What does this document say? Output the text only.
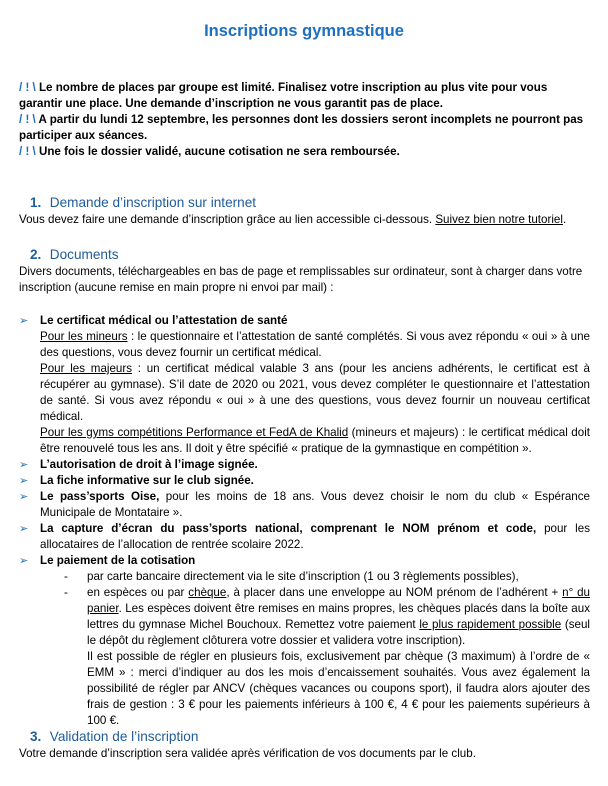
Inscriptions gymnastique
/ ! \ Le nombre de places par groupe est limité. Finalisez votre inscription au plus vite pour vous garantir une place. Une demande d’inscription ne vous garantit pas de place.
/ ! \ A partir du lundi 12 septembre, les personnes dont les dossiers seront incomplets ne pourront pas participer aux séances.
/ ! \ Une fois le dossier validé, aucune cotisation ne sera remboursée.
1. Demande d’inscription sur internet
Vous devez faire une demande d’inscription grâce au lien accessible ci-dessous. Suivez bien notre tutoriel.
2. Documents
Divers documents, téléchargeables en bas de page et remplissables sur ordinateur, sont à charger dans votre inscription (aucune remise en main propre ni envoi par mail) :
➢	Le certificat médical ou l’attestation de santé
Pour les mineurs : le questionnaire et l’attestation de santé complétés. Si vous avez répondu « oui » à une des questions, vous devez fournir un certificat médical.
Pour les majeurs : un certificat médical valable 3 ans (pour les anciens adhérents, le certificat est à récupérer au gymnase). S’il date de 2020 ou 2021, vous devez compléter le questionnaire et l’attestation de santé. Si vous avez répondu « oui » à une des questions, vous devez fournir un nouveau certificat médical.
Pour les gyms compétitions Performance et FedA de Khalid (mineurs et majeurs) : le certificat médical doit être renouvelé tous les ans. Il doit y être spécifié « pratique de la gymnastique en compétition ».
➢	L’autorisation de droit à l’image signée.
➢	La fiche informative sur le club signée.
➢	Le pass’sports Oise, pour les moins de 18 ans. Vous devez choisir le nom du club « Espérance Municipale de Montataire ».
➢	La capture d’écran du pass’sports national, comprenant le NOM prénom et code, pour les allocataires de l’allocation de rentrée scolaire 2022.
➢	Le paiement de la cotisation
-	par carte bancaire directement via le site d’inscription (1 ou 3 règlements possibles),
-	en espèces ou par chèque, à placer dans une enveloppe au NOM prénom de l’adhérent + n° du panier. Les espèces doivent être remises en mains propres, les chèques placés dans la boîte aux lettres du gymnase Michel Bouchoux. Remettez votre paiement le plus rapidement possible (seul le dépôt du règlement clôturera votre dossier et validera votre inscription).
Il est possible de régler en plusieurs fois, exclusivement par chèque (3 maximum) à l’ordre de « EMM » : merci d’indiquer au dos les mois d’encaissement souhaités. Vous avez également la possibilité de régler par ANCV (chèques vacances ou coupons sport), il faudra alors ajouter des frais de gestion : 3 € pour les paiements inférieurs à 100 €, 4 € pour les paiements supérieurs à 100 €.
3. Validation de l’inscription
Votre demande d’inscription sera validée après vérification de vos documents par le club.
